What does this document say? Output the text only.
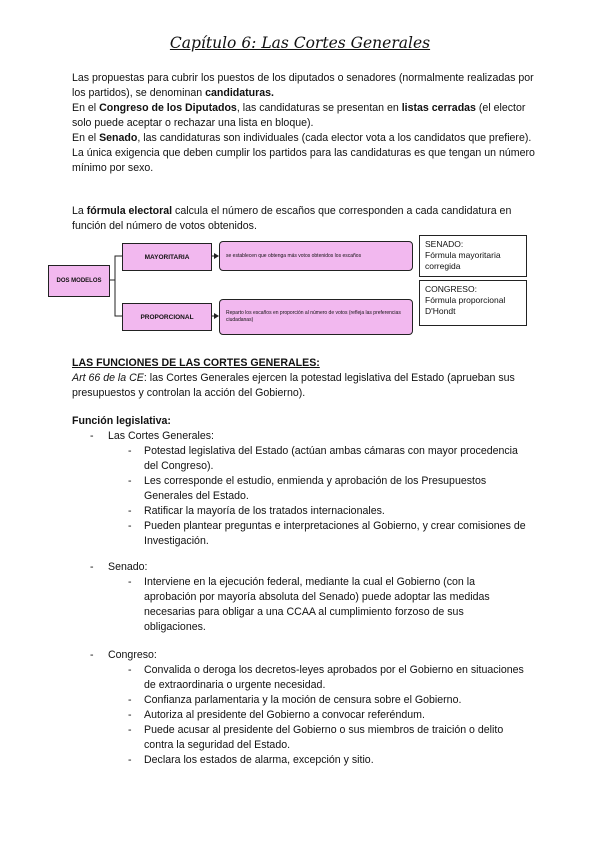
Capítulo 6: Las Cortes Generales

Las propuestas para cubrir los puestos de los diputados o senadores (normalmente realizadas por los partidos), se denominan candidaturas.

En el Congreso de los Diputados, las candidaturas se presentan en listas cerradas (el elector solo puede aceptar o rechazar una lista en bloque).

En el Senado, las candidaturas son individuales (cada elector vota a los candidatos que prefiere).

La única exigencia que deben cumplir los partidos para las candidaturas es que tengan un número mínimo por sexo.

La fórmula electoral calcula el número de escaños que corresponden a cada candidatura en función del número de votos obtenidos.

DOS MODELOS
MAYORITARIA
PROPORCIONAL
se establecen que obtenga más votos obtenidos los escaños
Reparto los escaños en proporción al número de votos (refleja las preferencias ciudadanas)
SENADO:
Fórmula mayoritaria corregida
CONGRESO:
Fórmula proporcional D'Hondt
LAS FUNCIONES DE LAS CORTES GENERALES:
Art 66 de la CE: las Cortes Generales ejercen la potestad legislativa del Estado (aprueban sus presupuestos y controlan la acción del Gobierno).
Función legislativa:
- Las Cortes Generales:
- Potestad legislativa del Estado (actúan ambas cámaras con mayor procedencia del Congreso).
- Les corresponde el estudio, enmienda y aprobación de los Presupuestos Generales del Estado.
- Ratificar la mayoría de los tratados internacionales.
- Pueden plantear preguntas e interpretaciones al Gobierno, y crear comisiones de Investigación.
- Senado:
- Interviene en la ejecución federal, mediante la cual el Gobierno (con la aprobación por mayoría absoluta del Senado) puede adoptar las medidas necesarias para obligar a una CCAA al cumplimiento forzoso de sus obligaciones.
- Congreso:
- Convalida o deroga los decretos-leyes aprobados por el Gobierno en situaciones de extraordinaria o urgente necesidad.
- Confianza parlamentaria y la moción de censura sobre el Gobierno.
- Autoriza al presidente del Gobierno a convocar referéndum.
- Puede acusar al presidente del Gobierno o sus miembros de traición o delito contra la seguridad del Estado.
- Declara los estados de alarma, excepción y sitio.
